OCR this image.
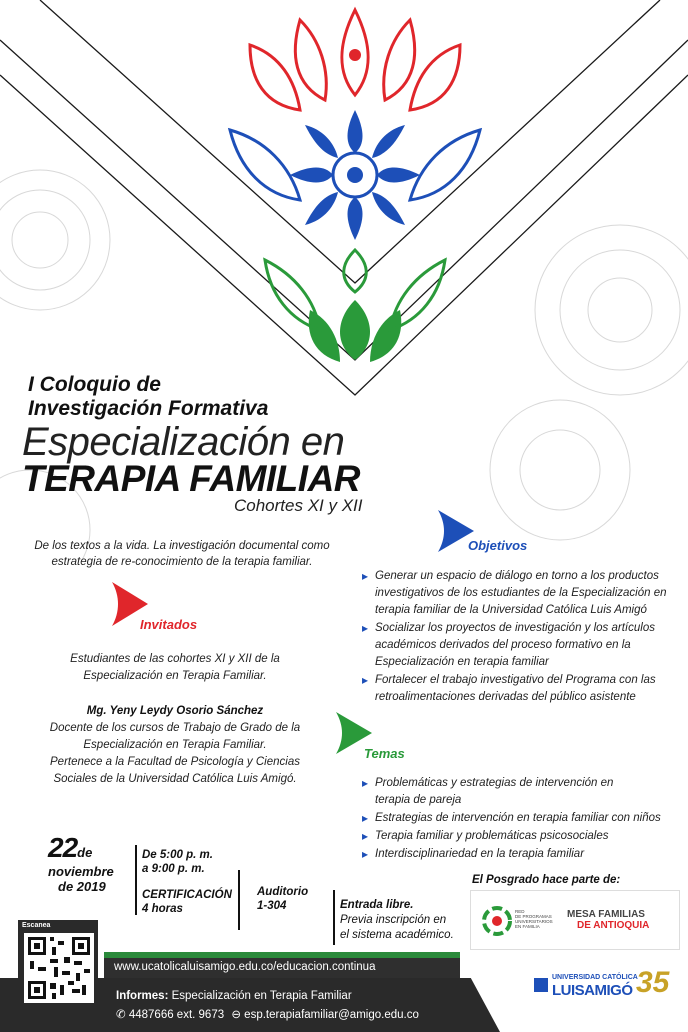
I Coloquio de
Investigación Formativa
Especialización en
TERAPIA FAMILIAR
Cohortes XI y XII
De los textos a la vida. La investigación documental como
estrategia de re-conocimiento de la terapia familiar.
Invitados
Estudiantes de las cohortes XI y XII de la
Especialización en Terapia Familiar.
Mg. Yeny Leydy Osorio Sánchez
Docente de los cursos de Trabajo de Grado de la
Especialización en Terapia Familiar.
Pertenece a la Facultad de Psicología y Ciencias
Sociales de la Universidad Católica Luis Amigó.
Objetivos
▸ Generar un espacio de diálogo en torno a los productos
investigativos de los estudiantes de la Especialización en
terapia familiar de la Universidad Católica Luis Amigó
▸ Socializar los proyectos de investigación y los artículos
académicos derivados del proceso formativo en la
Especialización en terapia familiar
▸ Fortalecer el trabajo investigativo del Programa con las
retroalimentaciones derivadas del público asistente
Temas
▸ Problemáticas y estrategias de intervención en
terapia de pareja
▸ Estrategias de intervención en terapia familiar con niños
▸ Terapia familiar y problemáticas psicosociales
▸ Interdisciplinariedad en la terapia familiar
22de
noviembre
de 2019
De 5:00 p. m.
a 9:00 p. m.
CERTIFICACIÓN
4 horas
Auditorio
1-304	Entrada libre.
Previa inscripción en
el sistema académico.
El Posgrado hace parte de:
RED
DE PROGRAMAS
UNIVERSITARIOS
EN FAMILIA
MESA FAMILIAS
DE ANTIOQUIA
www.ucatolicaluisamigo.edu.co/educacion.continua
UNIVERSIDAD CATÓLICA
LUISAMIGÓ 35
Informes: Especialización en Terapia Familiar
✆ 4487666 ext. 9673 ⊖ esp.terapiafamiliar@amigo.edu.co
Escanea
